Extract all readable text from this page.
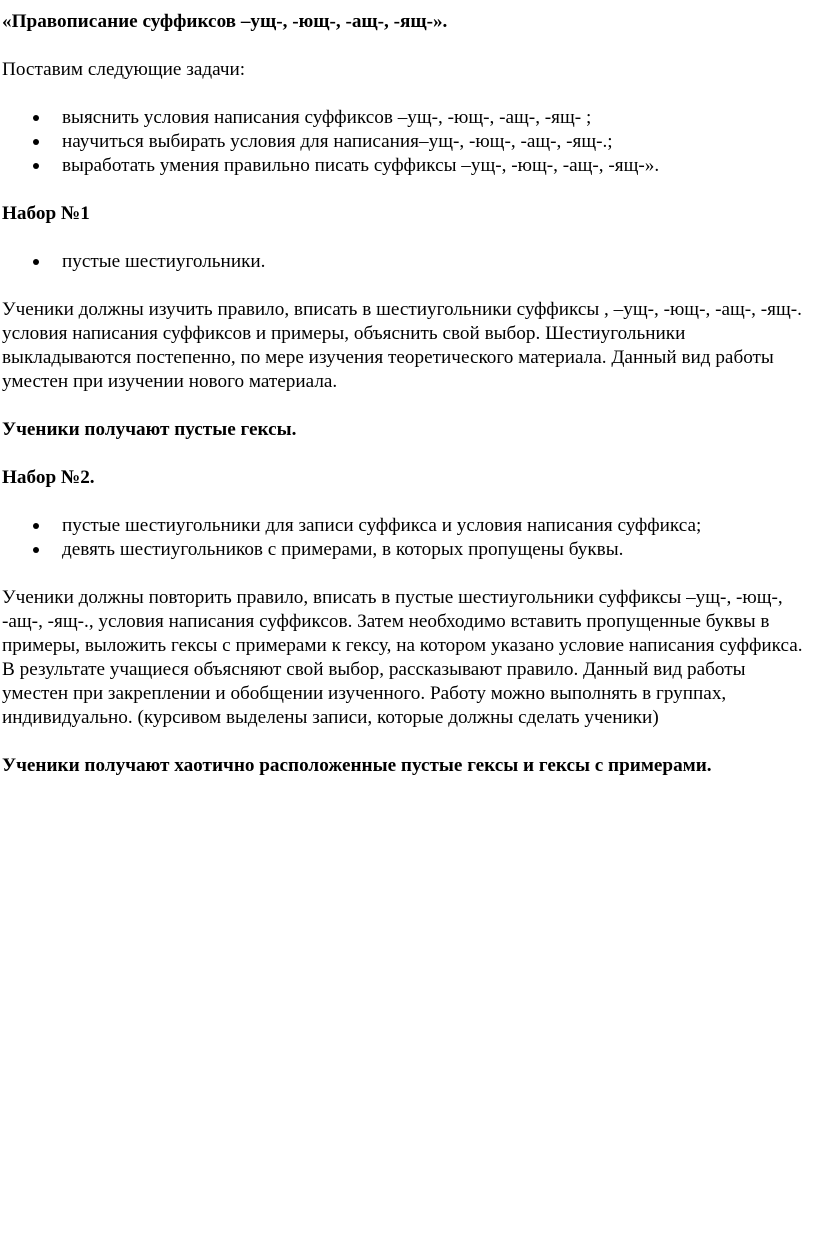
«Правописание суффиксов –ущ-, -ющ-, -ащ-, -ящ-».

Поставим следующие задачи:

выяснить условия написания суффиксов –ущ-, -ющ-, -ащ-, -ящ- ;
научиться выбирать условия для написания–ущ-, -ющ-, -ащ-, -ящ-.;
выработать умения правильно писать суффиксы –ущ-, -ющ-, -ащ-, -ящ-».

Набор №1

пустые шестиугольники.

Ученики должны изучить правило, вписать в шестиугольники суффиксы , –ущ-, -ющ-, -ащ-, -ящ-. условия написания суффиксов и примеры, объяснить свой выбор. Шестиугольники выкладываются постепенно, по мере изучения теоретического материала. Данный вид работы уместен при изучении нового материала.

Ученики получают пустые гексы.

Набор №2.

пустые шестиугольники для записи суффикса и условия написания суффикса;
девять шестиугольников с примерами, в которых пропущены буквы.

Ученики должны повторить правило, вписать в пустые шестиугольники суффиксы –ущ-, -ющ-, -ащ-, -ящ-., условия написания суффиксов. Затем необходимо вставить пропущенные буквы в примеры, выложить гексы с примерами к гексу, на котором указано условие написания суффикса. В результате учащиеся объясняют свой выбор, рассказывают правило. Данный вид работы уместен при закреплении и обобщении изученного. Работу можно выполнять в группах, индивидуально. (курсивом выделены записи, которые должны сделать ученики)

Ученики получают хаотично расположенные пустые гексы и гексы с примерами.
